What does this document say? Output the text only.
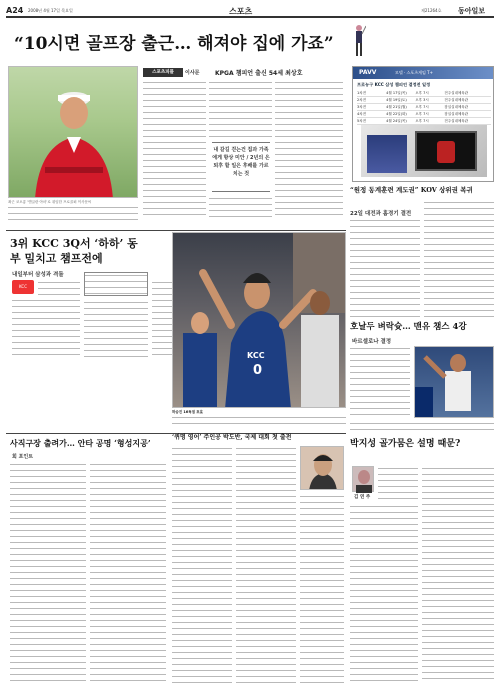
A24 2008년 4월 17일 목요일	스포츠	제21264호 동아일보
“10시면 골프장 출근… 해져야 집에 가죠”
최근 코오롱 ‘엔클란 아마’로 취임한 프로골퍼 이사문씨
스포츠피플	이사문	KPGA 챔피언 출신 54세 최상호
내 갈길 걷는건 집과 가족에게 항상 미안 / 2년의 은퇴후 할 일은 후배를 가르치는 것
PAVV	모델 · 스포츠게임 T+
프로농구 KCC 삼성 챔피언 결정전 일정
1차전	4월 17일(목)	오후 7시	전주실내체육관
2차전	4월 19일(토)	오후 3시	전주실내체육관
3차전	4월 21일(월)	오후 7시	잠실실내체육관
4차전	4월 22일(화)	오후 7시	잠실실내체육관
5차전	4월 24일(목)	오후 7시	전주실내체육관
“원정 동계훈련 계도권” KOV 상위권 복귀
22일 대전과 홈경기 결전
3위 KCC 3Q서 ‘하하’ 동부 밀치고 챔프전에
내일부터 삼성과 격돌
KCC
KCC
0
하승진 16득점 포효
호날두 벼락슛… 맨유 챔스 4강
바르셀로나 결정
사직구장 출려가… 안타 공명 ‘형성지공’
회 포인트
‘퀴명 영어’ 주인공 박도반, 국제 대회 첫 출전
박지성 골가뭄은 설명 때문?
김 연 주
